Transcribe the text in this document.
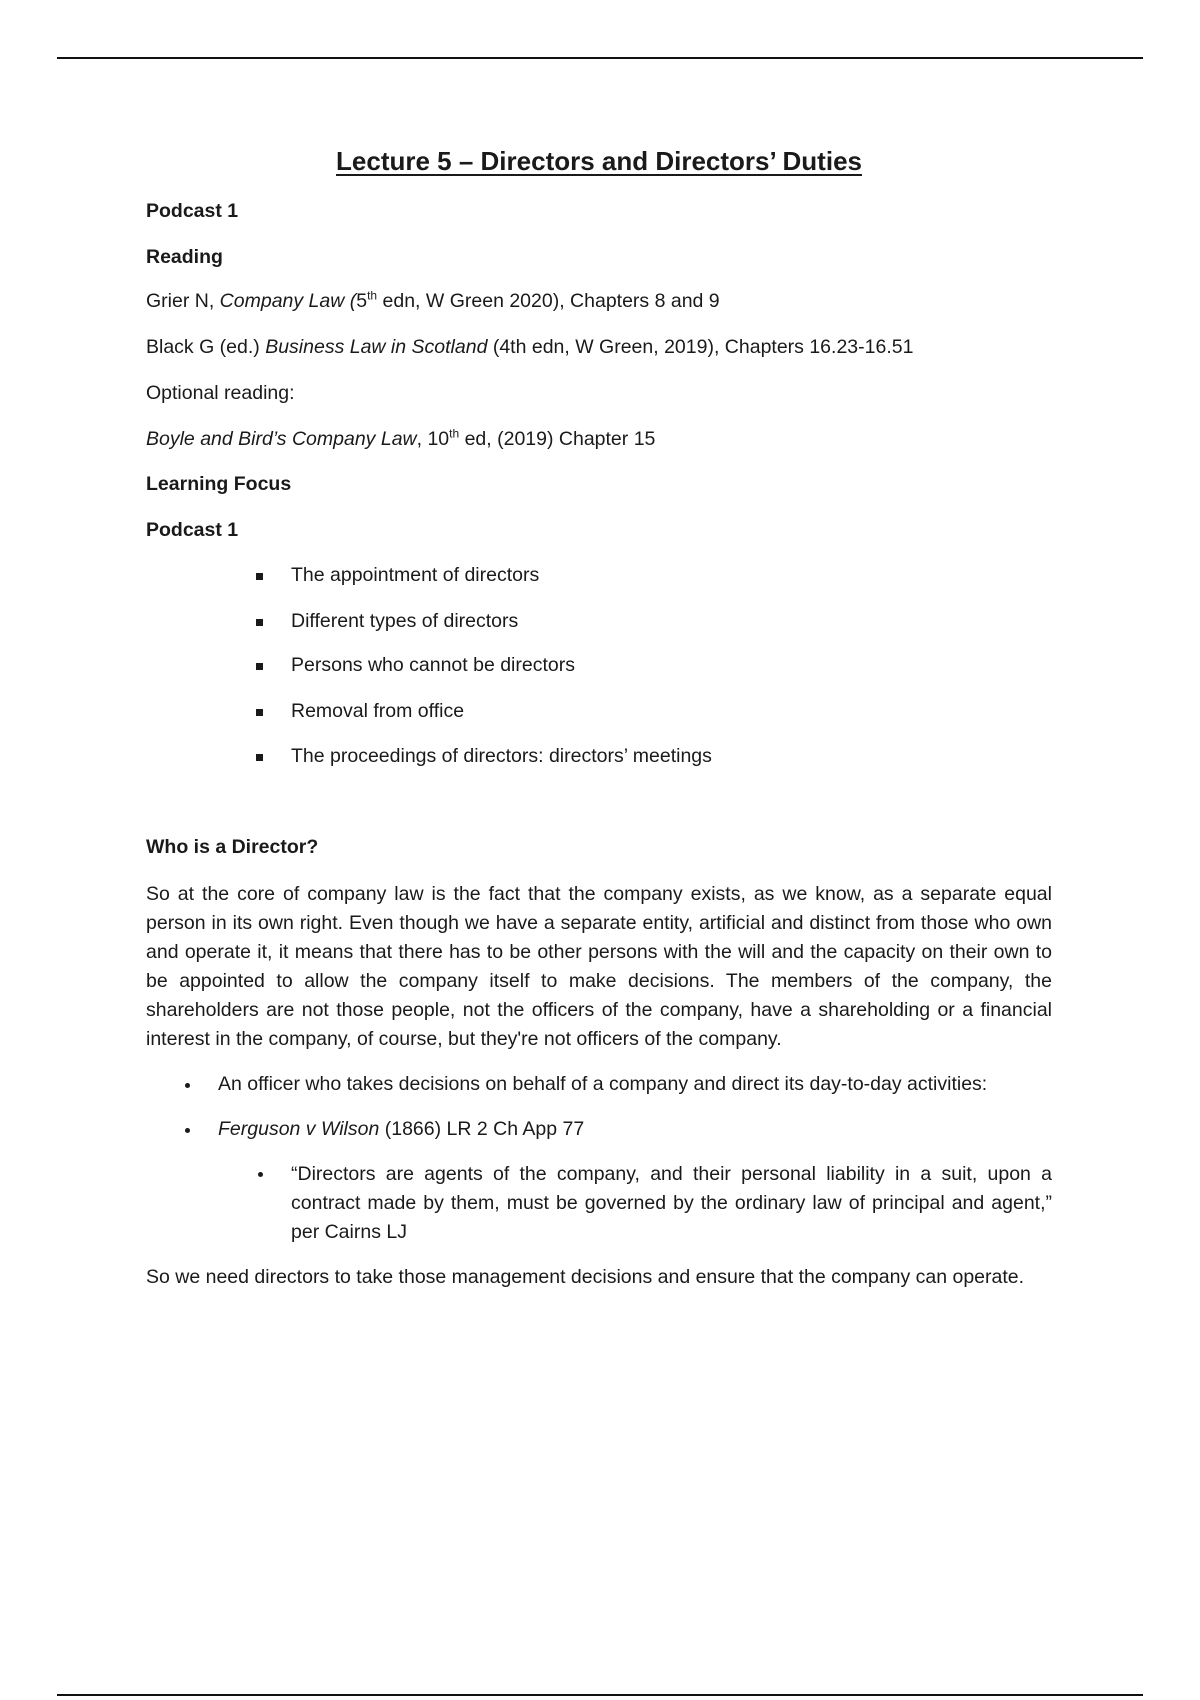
Lecture 5 – Directors and Directors’ Duties
Podcast 1
Reading
Grier N, Company Law (5th edn, W Green 2020), Chapters 8 and 9
Black G (ed.) Business Law in Scotland (4th edn, W Green, 2019), Chapters 16.23-16.51
Optional reading:
Boyle and Bird’s Company Law, 10th ed, (2019) Chapter 15
Learning Focus
Podcast 1
The appointment of directors
Different types of directors
Persons who cannot be directors
Removal from office
The proceedings of directors: directors’ meetings
Who is a Director?
So at the core of company law is the fact that the company exists, as we know, as a separate equal person in its own right. Even though we have a separate entity, artificial and distinct from those who own and operate it, it means that there has to be other persons with the will and the capacity on their own to be appointed to allow the company itself to make decisions. The members of the company, the shareholders are not those people, not the officers of the company, have a shareholding or a financial interest in the company, of course, but they're not officers of the company.
An officer who takes decisions on behalf of a company and direct its day-to-day activities:
Ferguson v Wilson (1866) LR 2 Ch App 77
“Directors are agents of the company, and their personal liability in a suit, upon a contract made by them, must be governed by the ordinary law of principal and agent,” per Cairns LJ
So we need directors to take those management decisions and ensure that the company can operate.
